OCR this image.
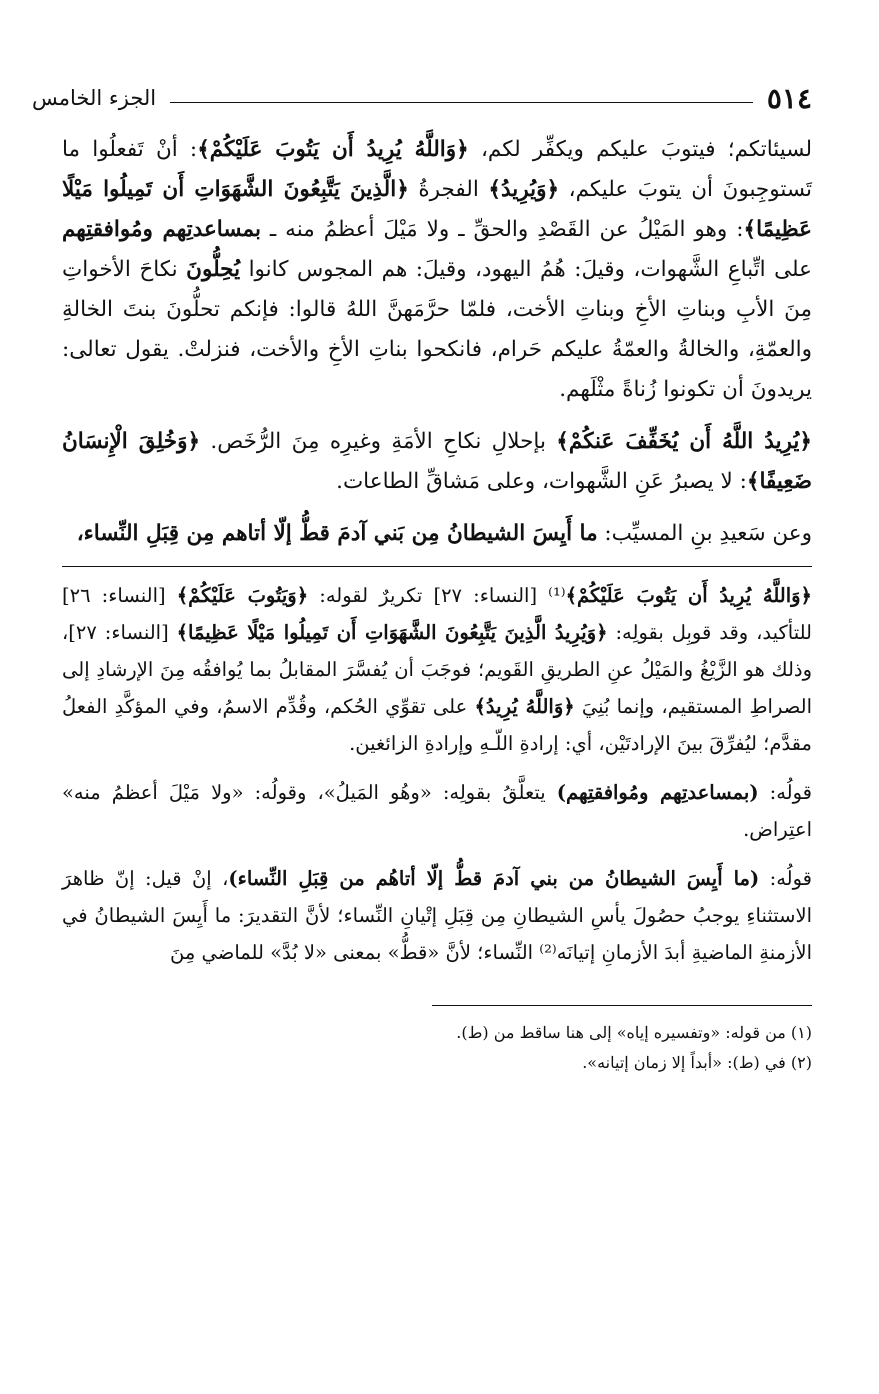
٥١٤
الجزء الخامس

لسيئاتكم؛ فيتوبَ عليكم ويكفِّر لكم، ﴿وَاللَّهُ يُرِيدُ أَن يَتُوبَ عَلَيْكُمْ﴾: أنْ تَفعلُوا ما تَستوجِبونَ أن يتوبَ عليكم، ﴿وَيُرِيدُ﴾ الفجرةُ ﴿الَّذِينَ يَتَّبِعُونَ الشَّهَوَاتِ أَن تَمِيلُوا مَيْلًا عَظِيمًا﴾: وهو المَيْلُ عن القَصْدِ والحقِّ ـ ولا مَيْلَ أعظمُ منه ـ بمساعدتِهم ومُوافقتِهم على اتِّباعِ الشَّهوات، وقيلَ: هُمُ اليهود، وقيلَ: هم المجوس كانوا يُحِلُّونَ نكاحَ الأخواتِ مِنَ الأبِ وبناتِ الأخِ وبناتِ الأخت، فلمّا حرَّمَهنَّ اللهُ قالوا: فإنكم تحلُّونَ بنتَ الخالةِ والعمّةِ، والخالةُ والعمّةُ عليكم حَرام، فانكحوا بناتِ الأخِ والأخت، فنزلتْ. يقول تعالى: يريدونَ أن تكونوا زُناةً مثْلَهم.

﴿يُرِيدُ اللَّهُ أَن يُخَفِّفَ عَنكُمْ﴾ بإحلالِ نكاحِ الأمَةِ وغيرِه مِنَ الرُّخَص. ﴿وَخُلِقَ الْإِنسَانُ ضَعِيفًا﴾: لا يصبرُ عَنِ الشَّهوات، وعلى مَشاقِّ الطاعات.

وعن سَعيدِ بنِ المسيِّب: ما أَيِسَ الشيطانُ مِن بَني آدمَ قطُّ إلّا أتاهم مِن قِبَلِ النِّساء،

﴿وَاللَّهُ يُرِيدُ أَن يَتُوبَ عَلَيْكُمْ﴾⁽¹⁾ [النساء: ٢٧] تكريرٌ لقوله: ﴿وَيَتُوبَ عَلَيْكُمْ﴾ [النساء: ٢٦] للتأكيد، وقد قوبِل بقولِه: ﴿وَيُرِيدُ الَّذِينَ يَتَّبِعُونَ الشَّهَوَاتِ أَن تَمِيلُوا مَيْلًا عَظِيمًا﴾ [النساء: ٢٧]، وذلك هو الزَّيْغُ والمَيْلُ عنِ الطريقِ القَويم؛ فوجَبَ أن يُفسَّرَ المقابلُ بما يُوافقُه مِنَ الإرشادِ إلى الصراطِ المستقيم، وإنما بُنِيَ ﴿وَاللَّهُ يُرِيدُ﴾ على تقوِّي الحُكم، وقُدِّم الاسمُ، وفي المؤكَّدِ الفعلُ مقدَّم؛ ليُفرِّقَ بينَ الإرادتَيْن، أي: إرادةِ اللّـهِ وإرادةِ الزائغين.

قولُه: (بمساعدتِهم ومُوافقتِهم) يتعلَّقُ بقولِه: «وهُو المَيلُ»، وقولُه: «ولا مَيْلَ أعظمُ منه» اعتِراض.

قولُه: (ما أَيِسَ الشيطانُ من بني آدمَ قطُّ إلّا أتاهُم من قِبَلِ النِّساء)، إنْ قيل: إنّ ظاهرَ الاستثناءِ يوجبُ حصُولَ يأسِ الشيطانِ مِن قِبَلِ إتْيانِ النِّساء؛ لأنَّ التقديرَ: ما أَيِسَ الشيطانُ في الأزمنةِ الماضيةِ أبدَ الأزمانِ إتيانَه⁽²⁾ النِّساء؛ لأنَّ «قطُّ» بمعنى «لا بُدَّ» للماضي مِنَ

(١) من قوله: «وتفسيره إياه» إلى هنا ساقط من (ط).
(٢) في (ط): «أبداً إلا زمان إتيانه».
